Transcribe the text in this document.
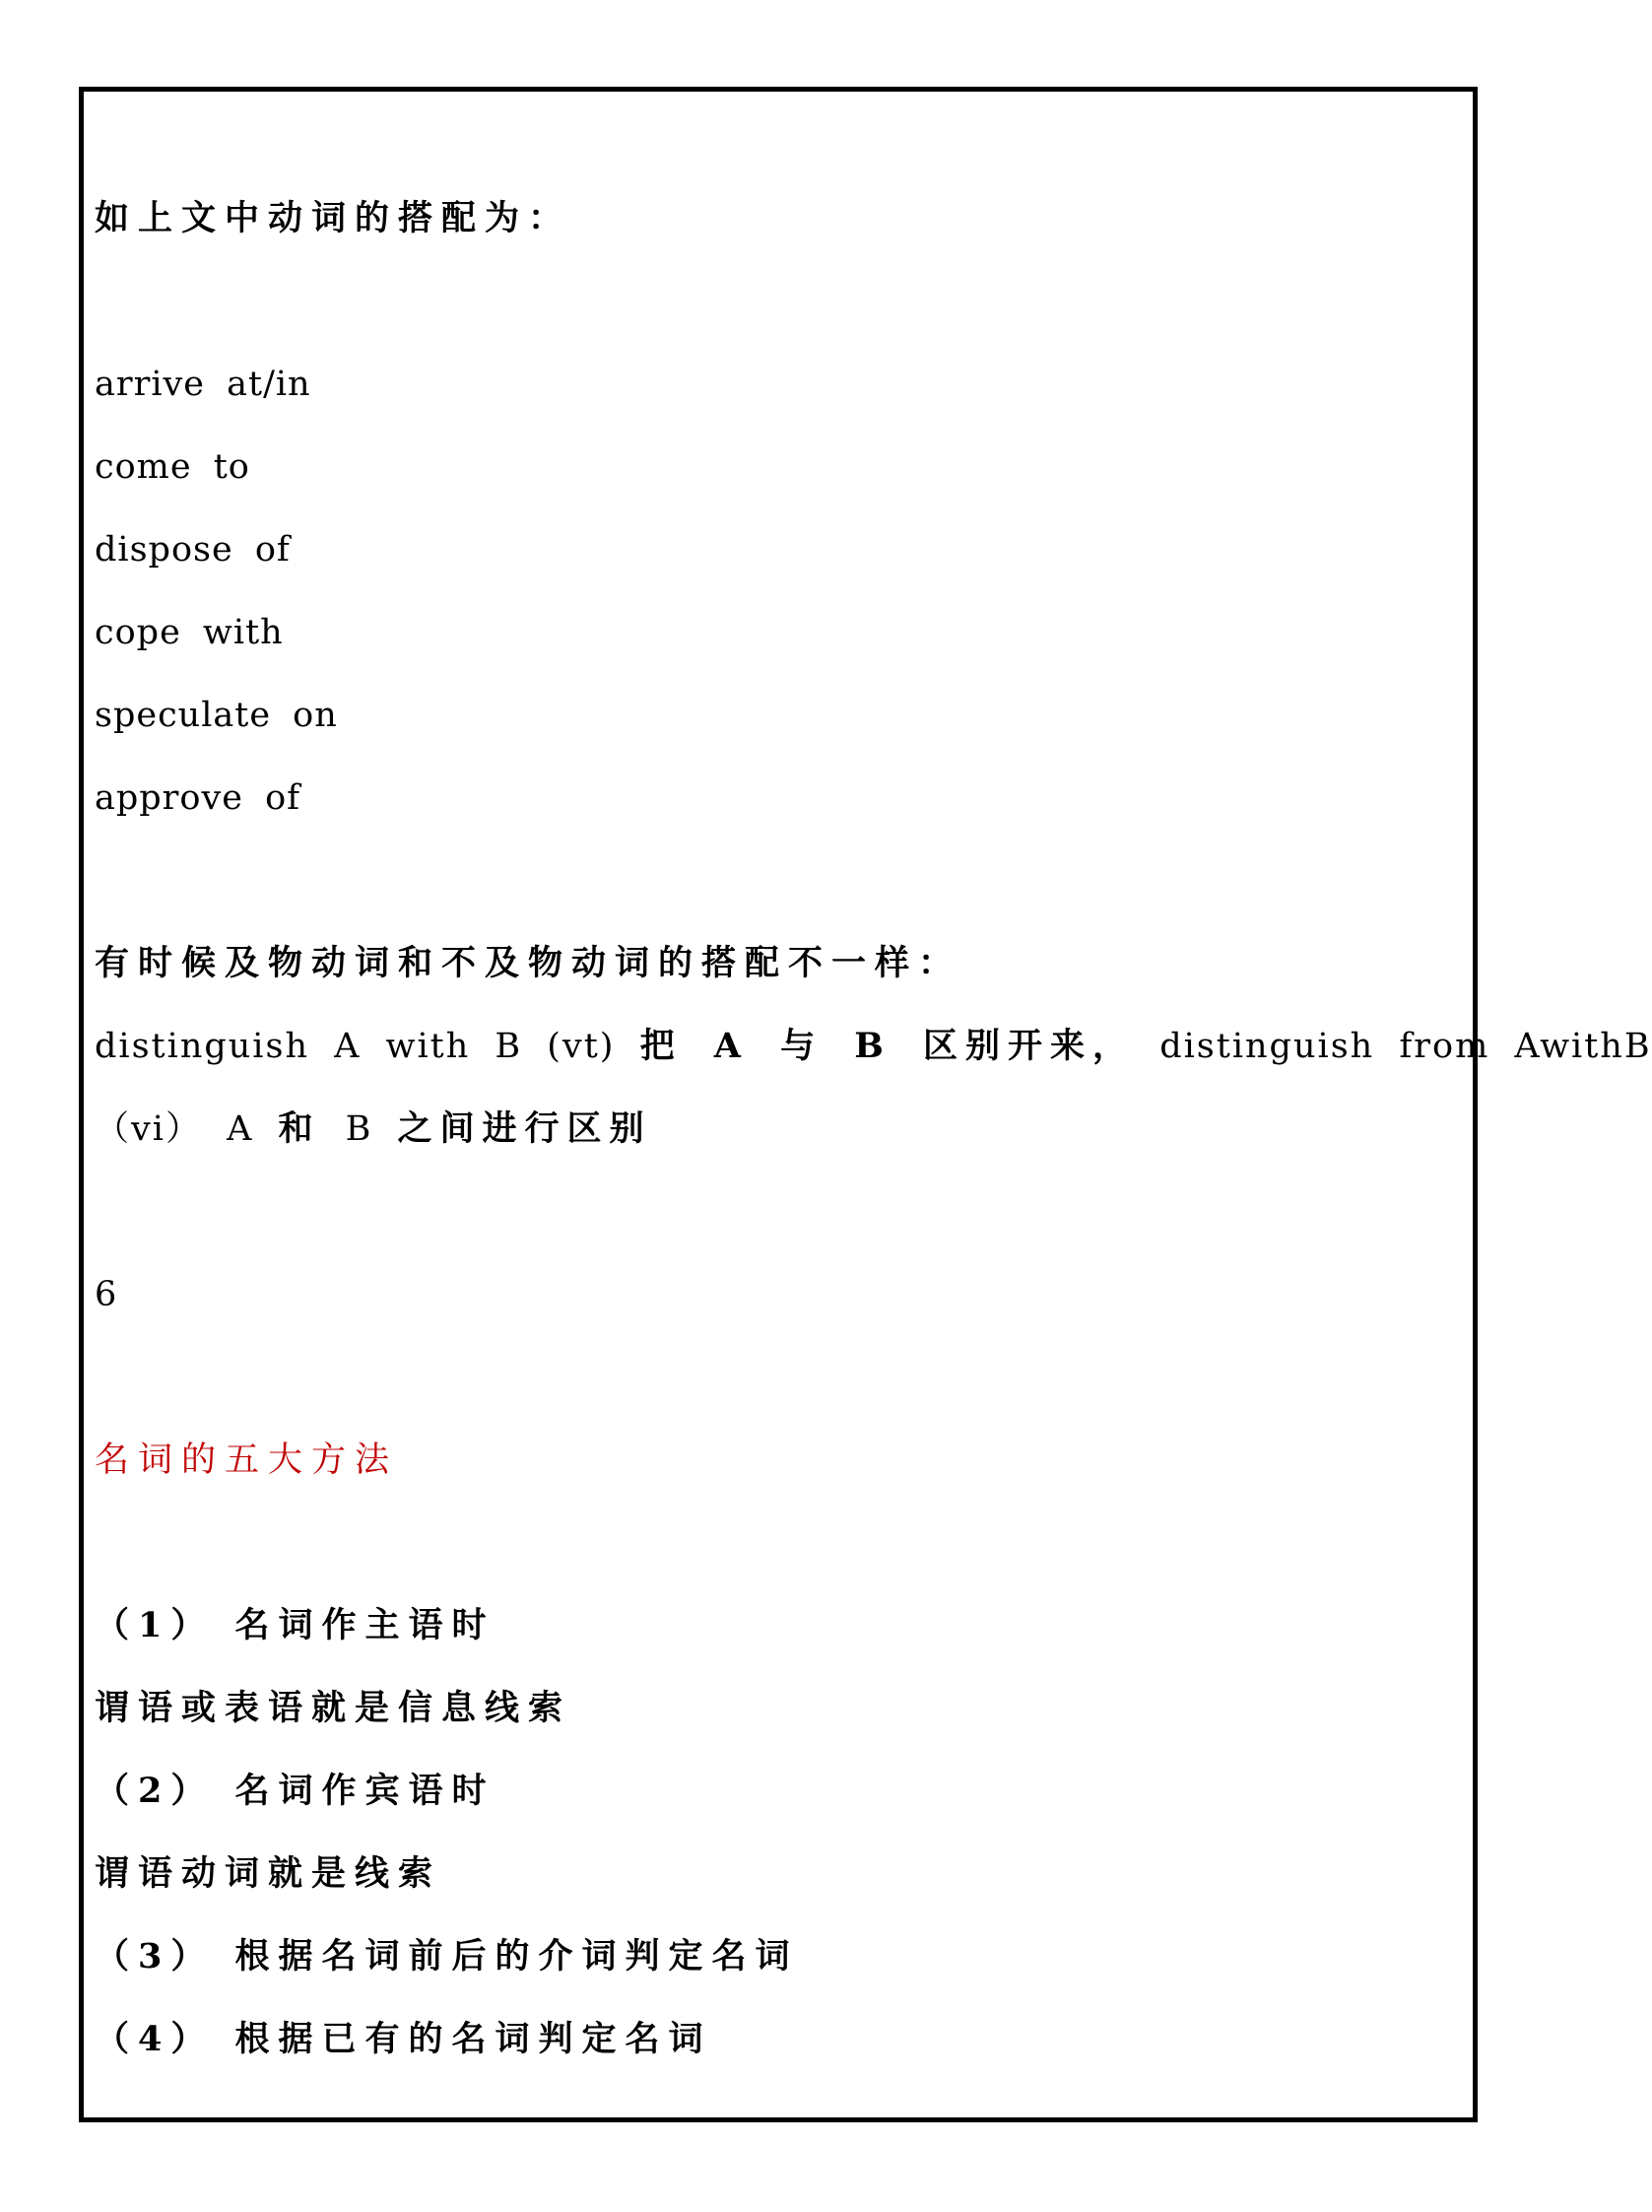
如上文中动词的搭配为：
arrive at/in
come to
dispose of
cope with
speculate on
approve of
有时候及物动词和不及物动词的搭配不一样：
distinguish A with B (vt) 把 A 与 B 区别开来， distinguish from AwithB
（vi） A 和 B 之间进行区别
6
名词的五大方法
（1） 名词作主语时
谓语或表语就是信息线索
（2） 名词作宾语时
谓语动词就是线索
（3） 根据名词前后的介词判定名词
（4） 根据已有的名词判定名词
